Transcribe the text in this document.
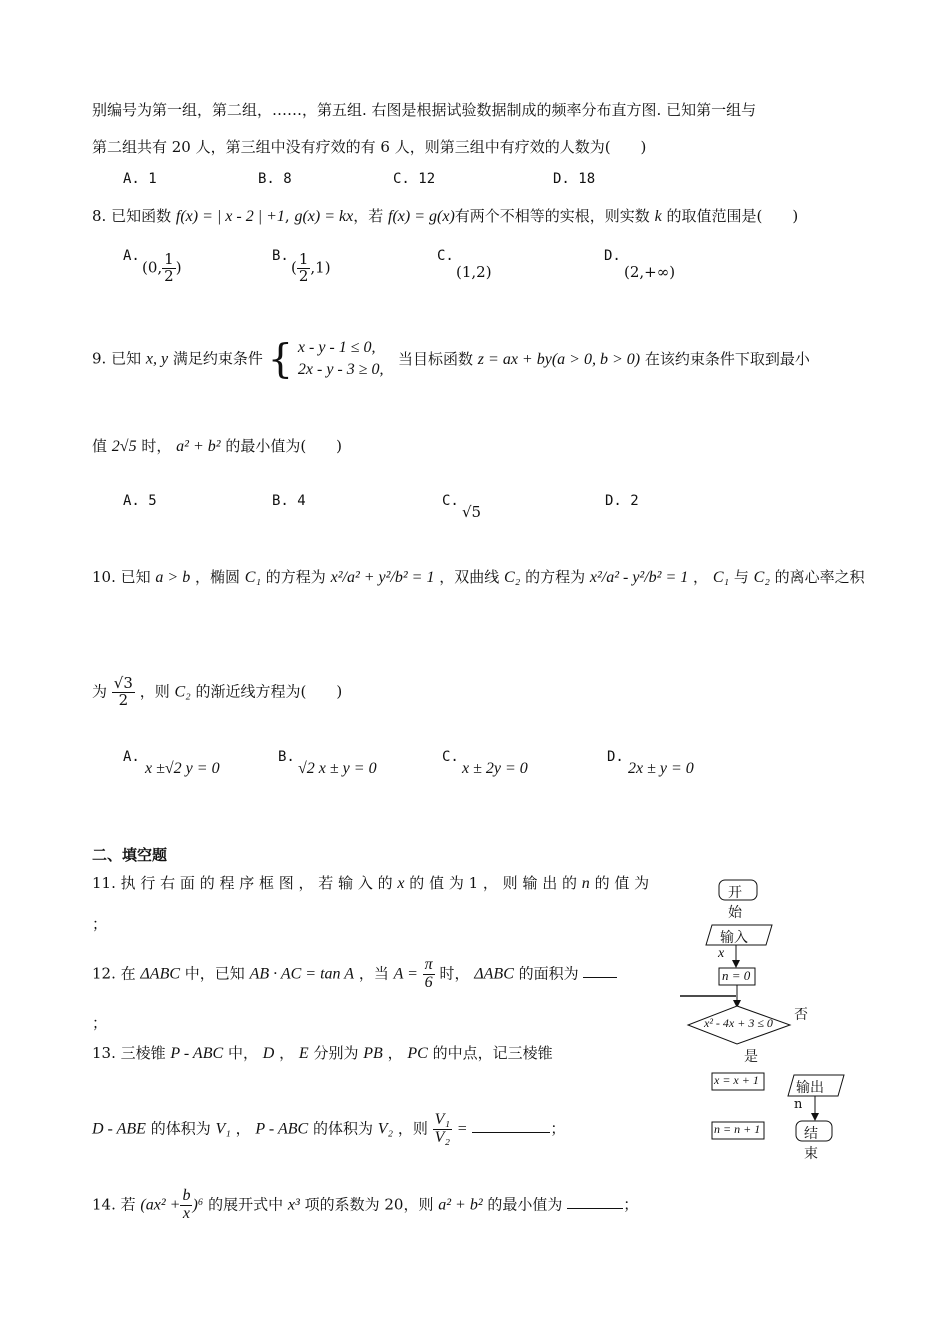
别编号为第一组，第二组，……，第五组. 右图是根据试验数据制成的频率分布直方图. 已知第一组与
第二组共有 20 人，第三组中没有疗效的有 6 人，则第三组中有疗效的人数为(　　)
A. 1	B. 8	C. 12	D. 18
8. 已知函数 f(x) = | x - 2 | +1, g(x) = kx，若 f(x) = g(x)有两个不相等的实根，则实数 k 的取值范围是(　　)
A.
(0, $\frac{1}{2}$ )
B.
( $\frac{1}{2} ,1$)
C.
(1,2)
D.
(2,+∞)
9. 已知 x, y 满足约束条件 { x - y - 1 ≤ 0,
2x - y - 3 ≥ 0,
当目标函数 z = ax + by(a > 0, b > 0) 在该约束条件下取到最小
值 2√5 时， a² + b² 的最小值为(　　)
A. 5	B. 4	C.
√5
D. 2
10. 已知 a > b ，椭圆 C₁ 的方程为 x²/a² + y²/b² = 1 ，双曲线 C₂ 的方程为 x²/a² - y²/b² = 1 ， C₁ 与 C₂ 的离心率之积
为 $\frac{√3}{2}$ ，则 C₂ 的渐近线方程为(　　)
A.
x ±√2 y = 0
B.
√2 x ± y = 0
C.
x ± 2y = 0
D.
2x ± y = 0
二、填空题
11. 执 行 右 面 的 程 序 框 图 ， 若 输 入 的 x 的 值 为 1 ， 则 输 出 的 n 的 值 为
；
12. 在 ΔABC 中，已知 AB · AC = tan A ，当 $A = \frac{\pi}{6}$ 时， ΔABC 的面积为
；
13. 三棱锥 P - ABC 中， D ， E 分别为 PB ， PC 的中点，记三棱锥
D - ABE 的体积为 V₁ ， P - ABC 的体积为 V₂ ，则 $\frac{\text{V₁}}{\text{V₂}}$ =	；
14. 若 $(ax^2 + \frac{b}{x} )^6$ 的展开式中 x³ 项的系数为 20，则 a² + b² 的最小值为	；
开
始
输入
x
n = 0
x² - 4x + 3 ≤ 0 否
是
x = x + 1
n = n + 1
输出
n
结
束
